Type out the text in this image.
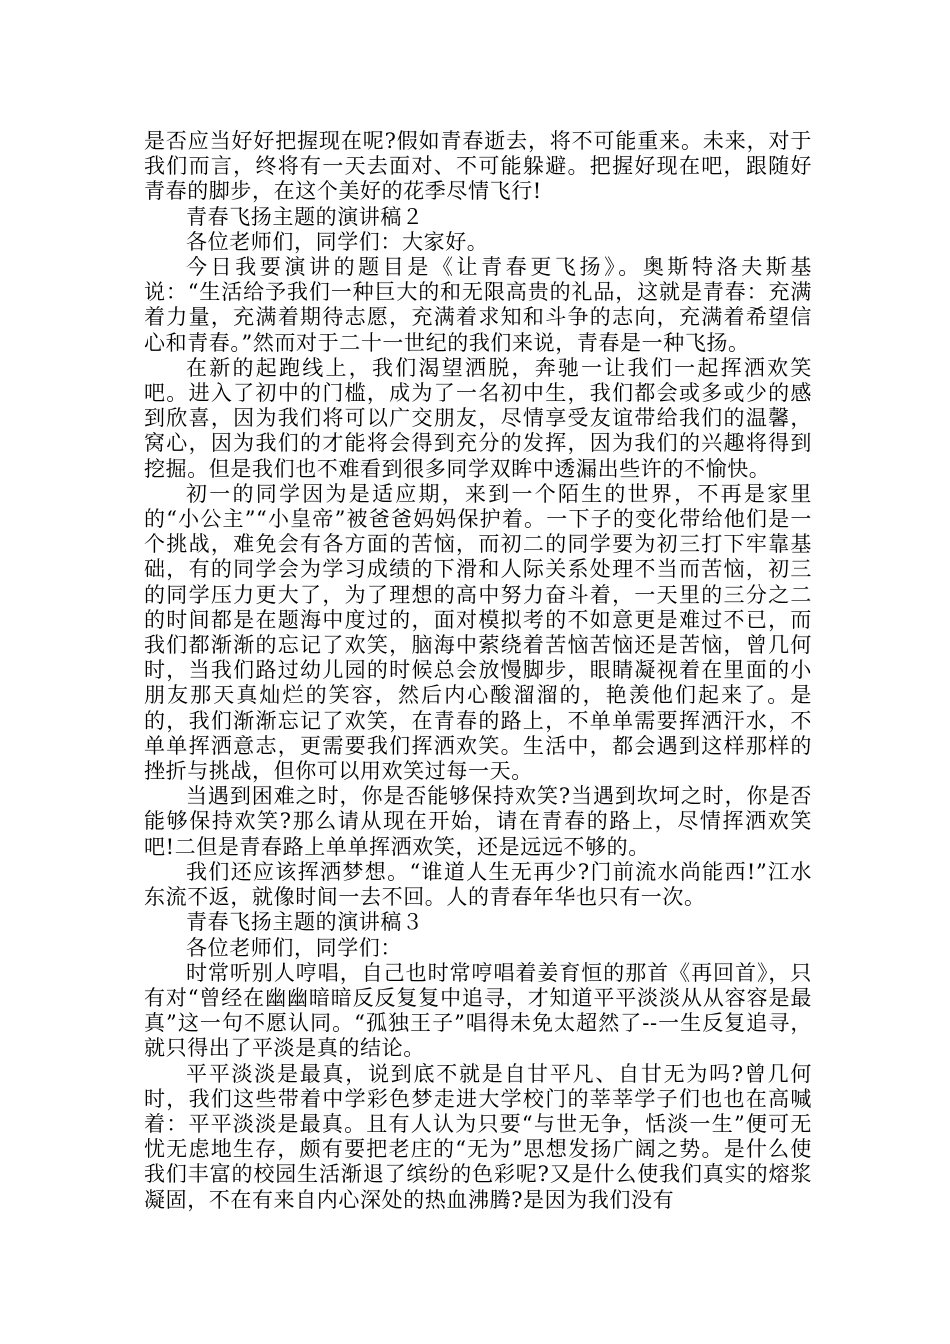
是否应当好好把握现在呢?假如青春逝去，将不可能重来。未来，对于我们而言，终将有一天去面对、不可能躲避。把握好现在吧，跟随好青春的脚步，在这个美好的花季尽情飞行!

青春飞扬主题的演讲稿２

各位老师们，同学们：大家好。

今日我要演讲的题目是《让青春更飞扬》。奥斯特洛夫斯基说：“生活给予我们一种巨大的和无限高贵的礼品，这就是青春：充满着力量，充满着期待志愿，充满着求知和斗争的志向，充满着希望信心和青春。”然而对于二十一世纪的我们来说，青春是一种飞扬。

在新的起跑线上，我们渴望洒脱，奔驰一让我们一起挥洒欢笑吧。进入了初中的门槛，成为了一名初中生，我们都会或多或少的感到欣喜，因为我们将可以广交朋友，尽情享受友谊带给我们的温馨，窝心，因为我们的才能将会得到充分的发挥，因为我们的兴趣将得到挖掘。但是我们也不难看到很多同学双眸中透漏出些许的不愉快。

初一的同学因为是适应期，来到一个陌生的世界，不再是家里的“小公主”“小皇帝”被爸爸妈妈保护着。一下子的变化带给他们是一个挑战，难免会有各方面的苦恼，而初二的同学要为初三打下牢靠基础，有的同学会为学习成绩的下滑和人际关系处理不当而苦恼，初三的同学压力更大了，为了理想的高中努力奋斗着，一天里的三分之二的时间都是在题海中度过的，面对模拟考的不如意更是难过不已，而我们都渐渐的忘记了欢笑，脑海中萦绕着苦恼苦恼还是苦恼，曾几何时，当我们路过幼儿园的时候总会放慢脚步，眼睛凝视着在里面的小朋友那天真灿烂的笑容，然后内心酸溜溜的，艳羡他们起来了。是的，我们渐渐忘记了欢笑，在青春的路上，不单单需要挥洒汗水，不单单挥洒意志，更需要我们挥洒欢笑。生活中，都会遇到这样那样的挫折与挑战，但你可以用欢笑过每一天。

当遇到困难之时，你是否能够保持欢笑?当遇到坎坷之时，你是否能够保持欢笑?那么请从现在开始，请在青春的路上，尽情挥洒欢笑吧!二但是青春路上单单挥洒欢笑，还是远远不够的。

我们还应该挥洒梦想。“谁道人生无再少?门前流水尚能西!”江水东流不返，就像时间一去不回。人的青春年华也只有一次。

青春飞扬主题的演讲稿３

各位老师们，同学们：

时常听别人哼唱，自己也时常哼唱着姜育恒的那首《再回首》，只有对“曾经在幽幽暗暗反反复复中追寻，才知道平平淡淡从从容容是最真”这一句不愿认同。“孤独王子”唱得未免太超然了--一生反复追寻，就只得出了平淡是真的结论。

平平淡淡是最真，说到底不就是自甘平凡、自甘无为吗?曾几何时，我们这些带着中学彩色梦走进大学校门的莘莘学子们也也在高喊着：平平淡淡是最真。且有人认为只要“与世无争，恬淡一生”便可无忧无虑地生存，颇有要把老庄的“无为”思想发扬广阔之势。是什么使我们丰富的校园生活渐退了缤纷的色彩呢?又是什么使我们真实的熔浆凝固，不在有来自内心深处的热血沸腾?是因为我们没有
